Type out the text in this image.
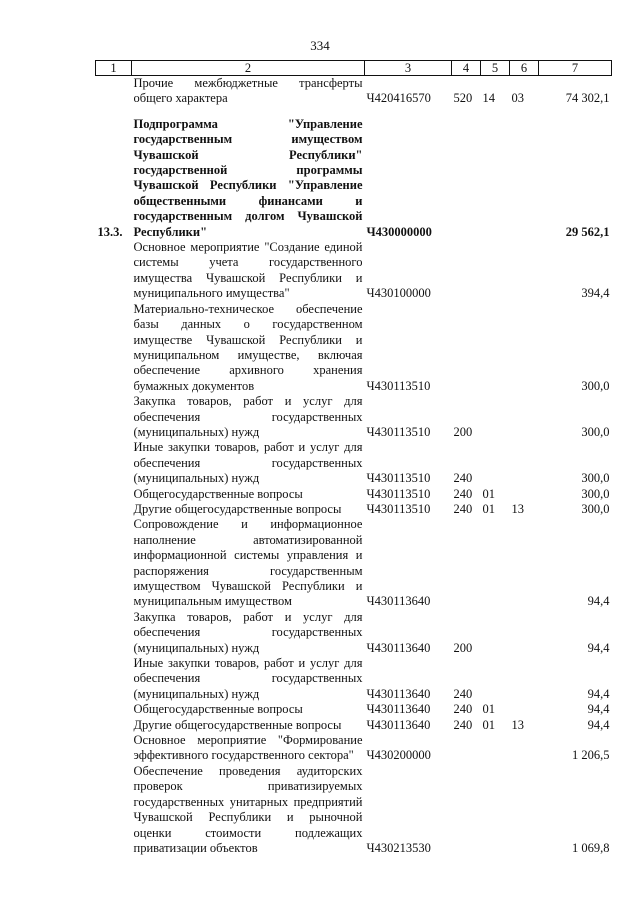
334
1	2	3	4	5	6	7
	Прочие межбюджетные трансферты общего характера	Ч420416570	520	14	03	74 302,1

13.3.	Подпрограмма "Управление государственным имуществом Чувашской Республики" государственной программы Чувашской Республики "Управление общественными финансами и государственным долгом Чувашской Республики"	Ч430000000				29 562,1
	Основное мероприятие "Создание единой системы учета государственного имущества Чувашской Республики и муниципального имущества"	Ч430100000				394,4
	Материально-техническое обеспечение базы данных о государственном имуществе Чувашской Республики и муниципальном имуществе, включая обеспечение архивного хранения бумажных документов	Ч430113510				300,0
	Закупка товаров, работ и услуг для обеспечения государственных (муниципальных) нужд	Ч430113510	200			300,0
	Иные закупки товаров, работ и услуг для обеспечения государственных (муниципальных) нужд	Ч430113510	240			300,0
	Общегосударственные вопросы	Ч430113510	240	01		300,0
	Другие общегосударственные вопросы	Ч430113510	240	01	13	300,0
	Сопровождение и информационное наполнение автоматизированной информационной системы управления и распоряжения государственным имуществом Чувашской Республики и муниципальным имуществом	Ч430113640				94,4
	Закупка товаров, работ и услуг для обеспечения государственных (муниципальных) нужд	Ч430113640	200			94,4
	Иные закупки товаров, работ и услуг для обеспечения государственных (муниципальных) нужд	Ч430113640	240			94,4
	Общегосударственные вопросы	Ч430113640	240	01		94,4
	Другие общегосударственные вопросы	Ч430113640	240	01	13	94,4
	Основное мероприятие "Формирование эффективного государственного сектора"	Ч430200000				1 206,5
	Обеспечение проведения аудиторских проверок приватизируемых государственных унитарных предприятий Чувашской Республики и рыночной оценки стоимости подлежащих приватизации объектов	Ч430213530				1 069,8
